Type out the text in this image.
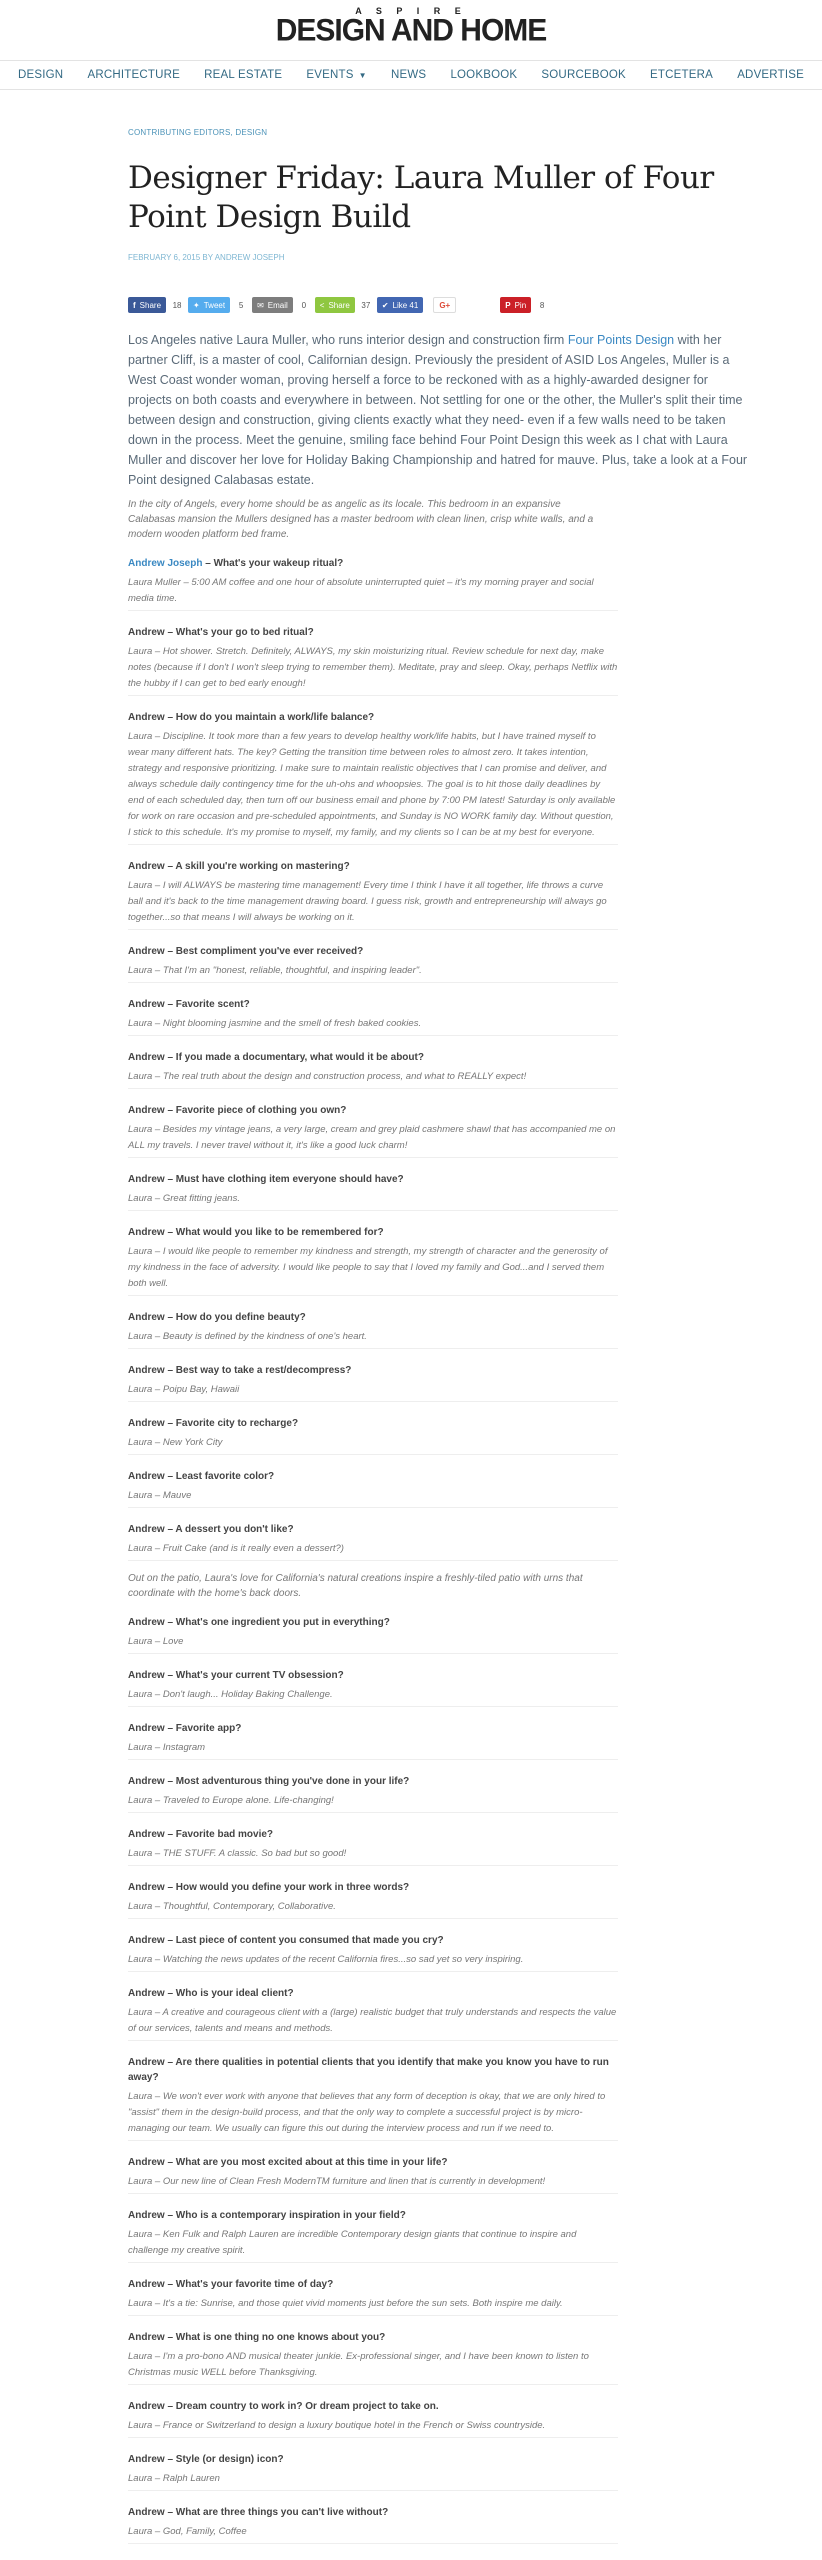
A S P I R E
DESIGN AND HOME
DESIGN ARCHITECTURE REAL ESTATE EVENTS ▼ NEWS LOOKBOOK SOURCEBOOK ETCETERA ADVERTISE
CONTRIBUTING EDITORS, DESIGN
Designer Friday: Laura Muller of Four Point Design Build
FEBRUARY 6, 2015 BY ANDREW JOSEPH
f Share	18	✦ Tweet	5	✉ Email	0	< Share	37	✔ Like 41	G+	P Pin	8

Los Angeles native Laura Muller, who runs interior design and construction firm Four Points Design with her partner Cliff, is a master of cool, Californian design. Previously the president of ASID Los Angeles, Muller is a West Coast wonder woman, proving herself a force to be reckoned with as a highly-awarded designer for projects on both coasts and everywhere in between. Not settling for one or the other, the Muller's split their time between design and construction, giving clients exactly what they need- even if a few walls need to be taken down in the process. Meet the genuine, smiling face behind Four Point Design this week as I chat with Laura Muller and discover her love for Holiday Baking Championship and hatred for mauve. Plus, take a look at a Four Point designed Calabasas estate.

In the city of Angels, every home should be as angelic as its locale. This bedroom in an expansive Calabasas mansion the Mullers designed has a master bedroom with clean linen, crisp white walls, and a modern wooden platform bed frame.

Andrew Joseph – What's your wakeup ritual?
Laura Muller – 5:00 AM coffee and one hour of absolute uninterrupted quiet – it's my morning prayer and social media time.
Andrew – What's your go to bed ritual?
Laura – Hot shower. Stretch. Definitely, ALWAYS, my skin moisturizing ritual. Review schedule for next day, make notes (because if I don't I won't sleep trying to remember them). Meditate, pray and sleep. Okay, perhaps Netflix with the hubby if I can get to bed early enough!
Andrew – How do you maintain a work/life balance?
Laura – Discipline. It took more than a few years to develop healthy work/life habits, but I have trained myself to wear many different hats. The key? Getting the transition time between roles to almost zero. It takes intention, strategy and responsive prioritizing. I make sure to maintain realistic objectives that I can promise and deliver, and always schedule daily contingency time for the uh-ohs and whoopsies. The goal is to hit those daily deadlines by end of each scheduled day, then turn off our business email and phone by 7:00 PM latest! Saturday is only available for work on rare occasion and pre-scheduled appointments, and Sunday is NO WORK family day. Without question, I stick to this schedule. It's my promise to myself, my family, and my clients so I can be at my best for everyone.
Andrew – A skill you're working on mastering?
Laura – I will ALWAYS be mastering time management! Every time I think I have it all together, life throws a curve ball and it's back to the time management drawing board. I guess risk, growth and entrepreneurship will always go together...so that means I will always be working on it.
Andrew – Best compliment you've ever received?
Laura – That I'm an "honest, reliable, thoughtful, and inspiring leader".
Andrew – Favorite scent?
Laura – Night blooming jasmine and the smell of fresh baked cookies.
Andrew – If you made a documentary, what would it be about?
Laura – The real truth about the design and construction process, and what to REALLY expect!
Andrew – Favorite piece of clothing you own?
Laura – Besides my vintage jeans, a very large, cream and grey plaid cashmere shawl that has accompanied me on ALL my travels. I never travel without it, it's like a good luck charm!
Andrew – Must have clothing item everyone should have?
Laura – Great fitting jeans.
Andrew – What would you like to be remembered for?
Laura – I would like people to remember my kindness and strength, my strength of character and the generosity of my kindness in the face of adversity. I would like people to say that I loved my family and God...and I served them both well.
Andrew – How do you define beauty?
Laura – Beauty is defined by the kindness of one's heart.
Andrew – Best way to take a rest/decompress?
Laura – Poipu Bay, Hawaii
Andrew – Favorite city to recharge?
Laura – New York City
Andrew – Least favorite color?
Laura – Mauve
Andrew – A dessert you don't like?
Laura – Fruit Cake (and is it really even a dessert?)

Out on the patio, Laura's love for California's natural creations inspire a freshly-tiled patio with urns that coordinate with the home's back doors.

Andrew – What's one ingredient you put in everything?
Laura – Love
Andrew – What's your current TV obsession?
Laura – Don't laugh... Holiday Baking Challenge.
Andrew – Favorite app?
Laura – Instagram
Andrew – Most adventurous thing you've done in your life?
Laura – Traveled to Europe alone. Life-changing!
Andrew – Favorite bad movie?
Laura – THE STUFF. A classic. So bad but so good!
Andrew – How would you define your work in three words?
Laura – Thoughtful, Contemporary, Collaborative.
Andrew – Last piece of content you consumed that made you cry?
Laura – Watching the news updates of the recent California fires...so sad yet so very inspiring.
Andrew – Who is your ideal client?
Laura – A creative and courageous client with a (large) realistic budget that truly understands and respects the value of our services, talents and means and methods.
Andrew – Are there qualities in potential clients that you identify that make you know you have to run away?
Laura – We won't ever work with anyone that believes that any form of deception is okay, that we are only hired to "assist" them in the design-build process, and that the only way to complete a successful project is by micro-managing our team. We usually can figure this out during the interview process and run if we need to.
Andrew – What are you most excited about at this time in your life?
Laura – Our new line of Clean Fresh ModernTM furniture and linen that is currently in development!
Andrew – Who is a contemporary inspiration in your field?
Laura – Ken Fulk and Ralph Lauren are incredible Contemporary design giants that continue to inspire and challenge my creative spirit.
Andrew – What's your favorite time of day?
Laura – It's a tie: Sunrise, and those quiet vivid moments just before the sun sets. Both inspire me daily.
Andrew – What is one thing no one knows about you?
Laura – I'm a pro-bono AND musical theater junkie. Ex-professional singer, and I have been known to listen to Christmas music WELL before Thanksgiving.
Andrew – Dream country to work in? Or dream project to take on.
Laura – France or Switzerland to design a luxury boutique hotel in the French or Swiss countryside.
Andrew – Style (or design) icon?
Laura – Ralph Lauren
Andrew – What are three things you can't live without?
Laura – God, Family, Coffee
